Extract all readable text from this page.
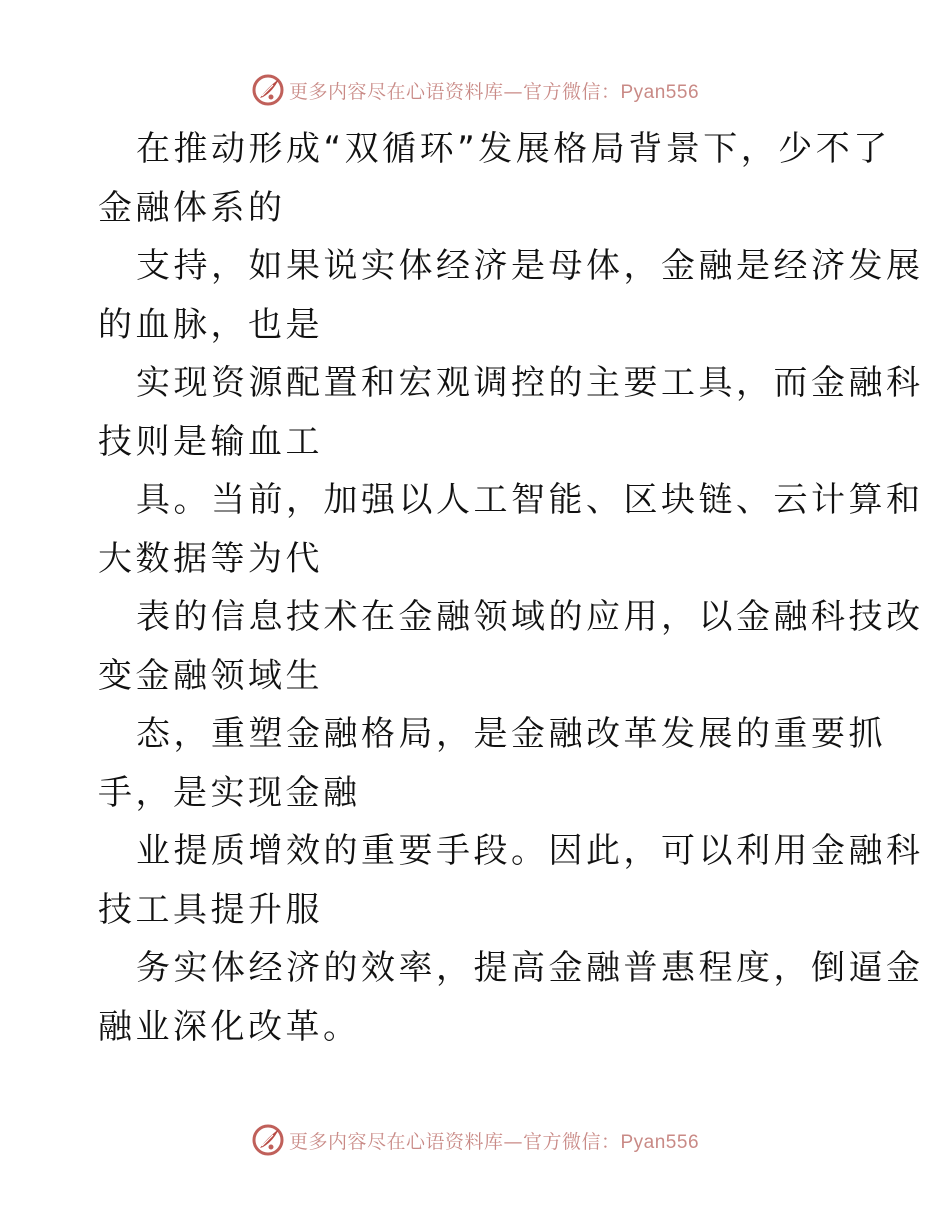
更多内容尽在心语资料库—官方微信：Pyan556
在推动形成“双循环”发展格局背景下，少不了
金融体系的
支持，如果说实体经济是母体，金融是经济发展
的血脉，也是
实现资源配置和宏观调控的主要工具，而金融科
技则是输血工
具。当前，加强以人工智能、区块链、云计算和
大数据等为代
表的信息技术在金融领域的应用，以金融科技改
变金融领域生
态，重塑金融格局，是金融改革发展的重要抓
手，是实现金融
业提质增效的重要手段。因此，可以利用金融科
技工具提升服
务实体经济的效率，提高金融普惠程度，倒逼金
融业深化改革。
更多内容尽在心语资料库—官方微信：Pyan556
